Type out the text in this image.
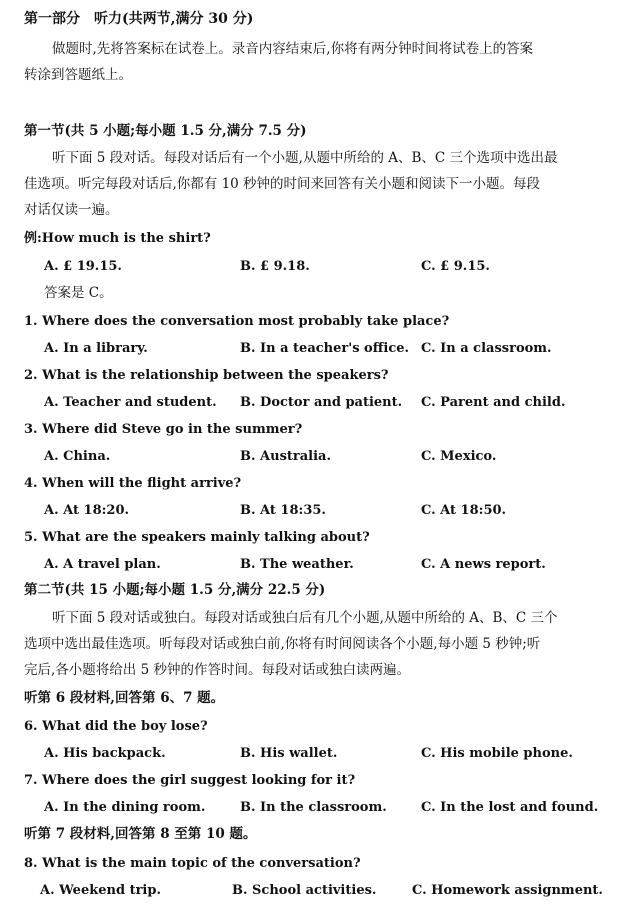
第一部分　听力(共两节,满分 30 分)
做题时,先将答案标在试卷上。录音内容结束后,你将有两分钟时间将试卷上的答案
转涂到答题纸上。
第一节(共 5 小题;每小题 1.5 分,满分 7.5 分)
听下面 5 段对话。每段对话后有一个小题,从题中所给的 A、B、C 三个选项中选出最
佳选项。听完每段对话后,你都有 10 秒钟的时间来回答有关小题和阅读下一小题。每段
对话仅读一遍。
例:How much is the shirt?
A. £ 19.15.	B. £ 9.18.	C. £ 9.15.
答案是 C。
1. Where does the conversation most probably take place?
A. In a library.	B. In a teacher's office. C. In a classroom.
2. What is the relationship between the speakers?
A. Teacher and student. B. Doctor and patient. C. Parent and child.
3. Where did Steve go in the summer?
A. China.	B. Australia.	C. Mexico.
4. When will the flight arrive?
A. At 18:20.	B. At 18:35.	C. At 18:50.
5. What are the speakers mainly talking about?
A. A travel plan.	B. The weather.	C. A news report.
第二节(共 15 小题;每小题 1.5 分,满分 22.5 分)
听下面 5 段对话或独白。每段对话或独白后有几个小题,从题中所给的 A、B、C 三个
选项中选出最佳选项。听每段对话或独白前,你将有时间阅读各个小题,每小题 5 秒钟;听
完后,各小题将给出 5 秒钟的作答时间。每段对话或独白读两遍。
听第 6 段材料,回答第 6、7 题。
6. What did the boy lose?
A. His backpack.	B. His wallet.	C. His mobile phone.
7. Where does the girl suggest looking for it?
A. In the dining room.	B. In the classroom.	C. In the lost and found.
听第 7 段材料,回答第 8 至第 10 题。
8. What is the main topic of the conversation?
A. Weekend trip.	B. School activities.	C. Homework assignment.
